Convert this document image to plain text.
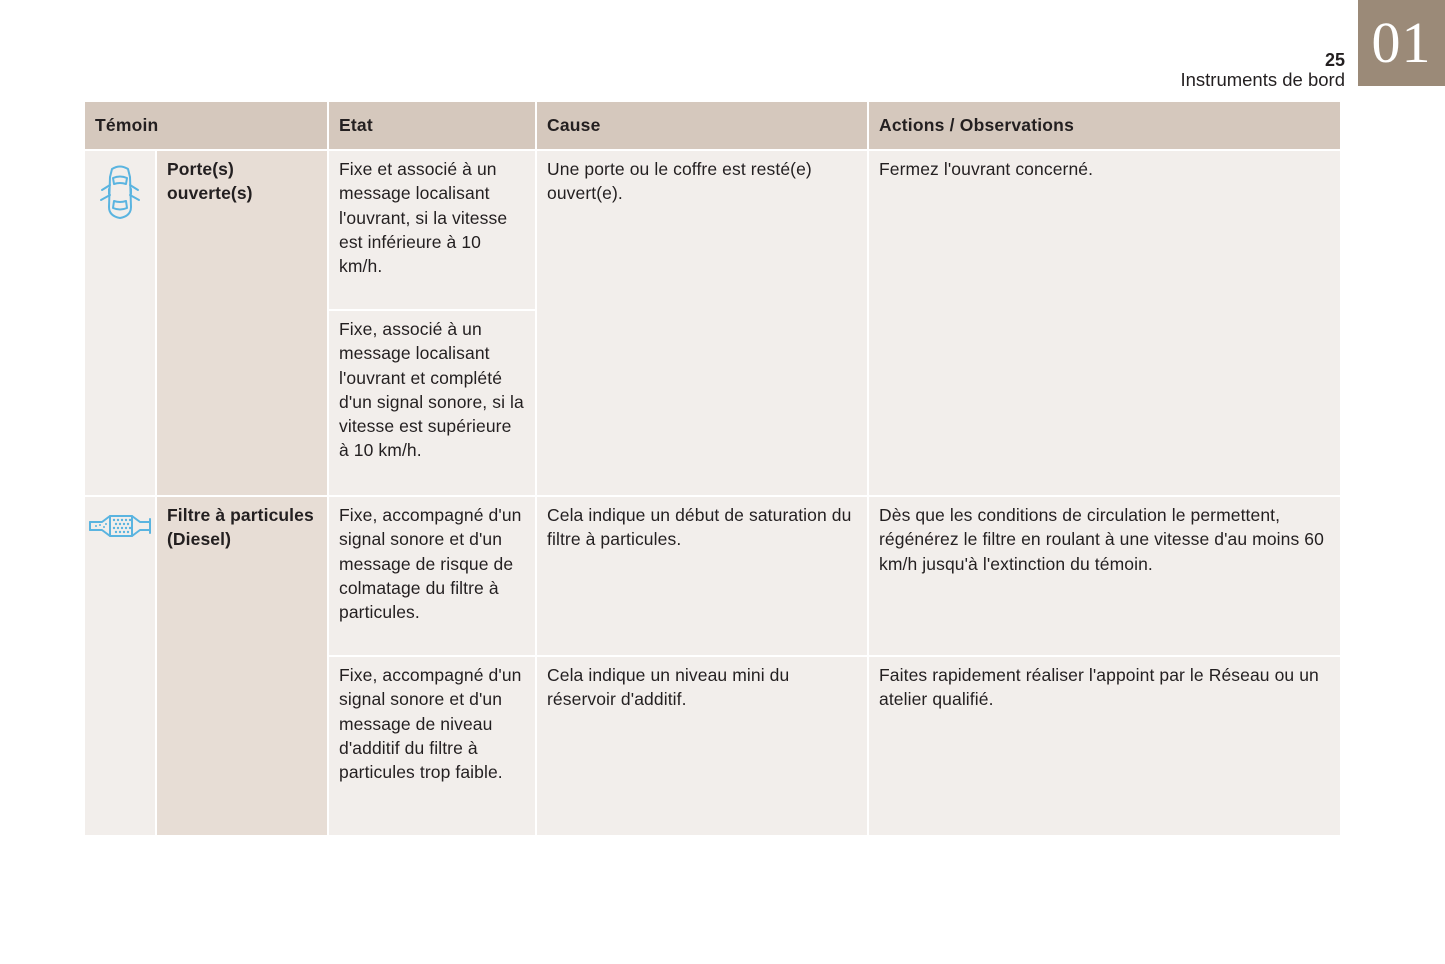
01
25
Instruments de bord
Témoin		Etat	Cause	Actions / Observations

	Porte(s) ouverte(s)	Fixe et associé à un message localisant l'ouvrant, si la vitesse est inférieure à 10 km/h.	Une porte ou le coffre est resté(e) ouvert(e).	Fermez l'ouvrant concerné.
		Fixe, associé à un message localisant l'ouvrant et complété d'un signal sonore, si la vitesse est supérieure à 10 km/h.		

	Filtre à particules (Diesel)	Fixe, accompagné d'un signal sonore et d'un message de risque de colmatage du filtre à particules.	Cela indique un début de saturation du filtre à particules.	Dès que les conditions de circulation le permettent, régénérez le filtre en roulant à une vitesse d'au moins 60 km/h jusqu'à l'extinction du témoin.
		Fixe, accompagné d'un signal sonore et d'un message de niveau d'additif du filtre à particules trop faible.	Cela indique un niveau mini du réservoir d'additif.	Faites rapidement réaliser l'appoint par le Réseau ou un atelier qualifié.
